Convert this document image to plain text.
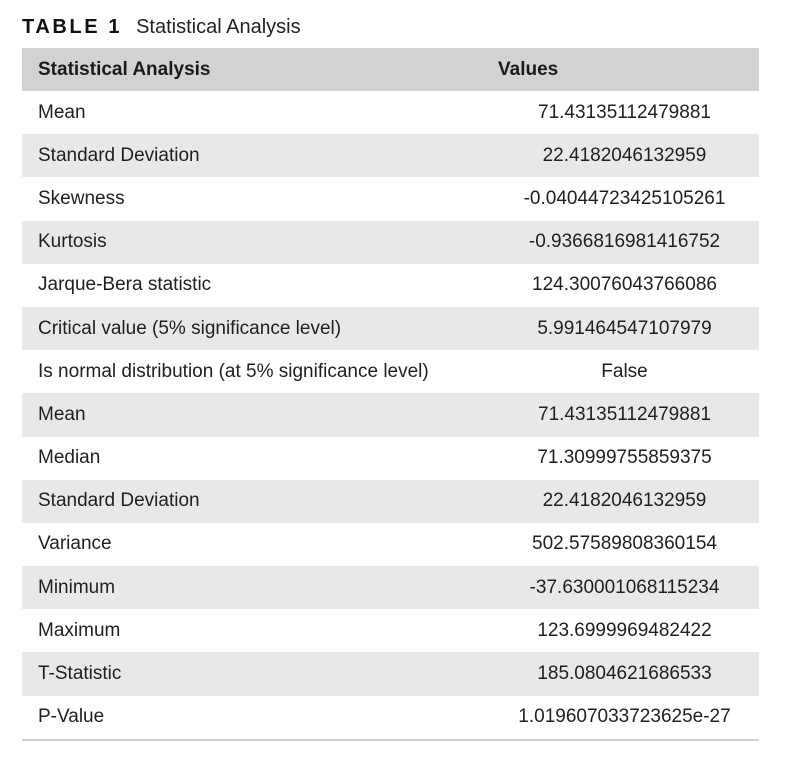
TABLE 1 Statistical Analysis
Statistical Analysis	Values
Mean	71.43135112479881
Standard Deviation	22.4182046132959
Skewness	-0.04044723425105261
Kurtosis	-0.9366816981416752
Jarque-Bera statistic	124.30076043766086
Critical value (5% significance level)	5.991464547107979
Is normal distribution (at 5% significance level)	False
Mean	71.43135112479881
Median	71.30999755859375
Standard Deviation	22.4182046132959
Variance	502.57589808360154
Minimum	-37.630001068115234
Maximum	123.6999969482422
T-Statistic	185.0804621686533
P-Value	1.019607033723625e-27
